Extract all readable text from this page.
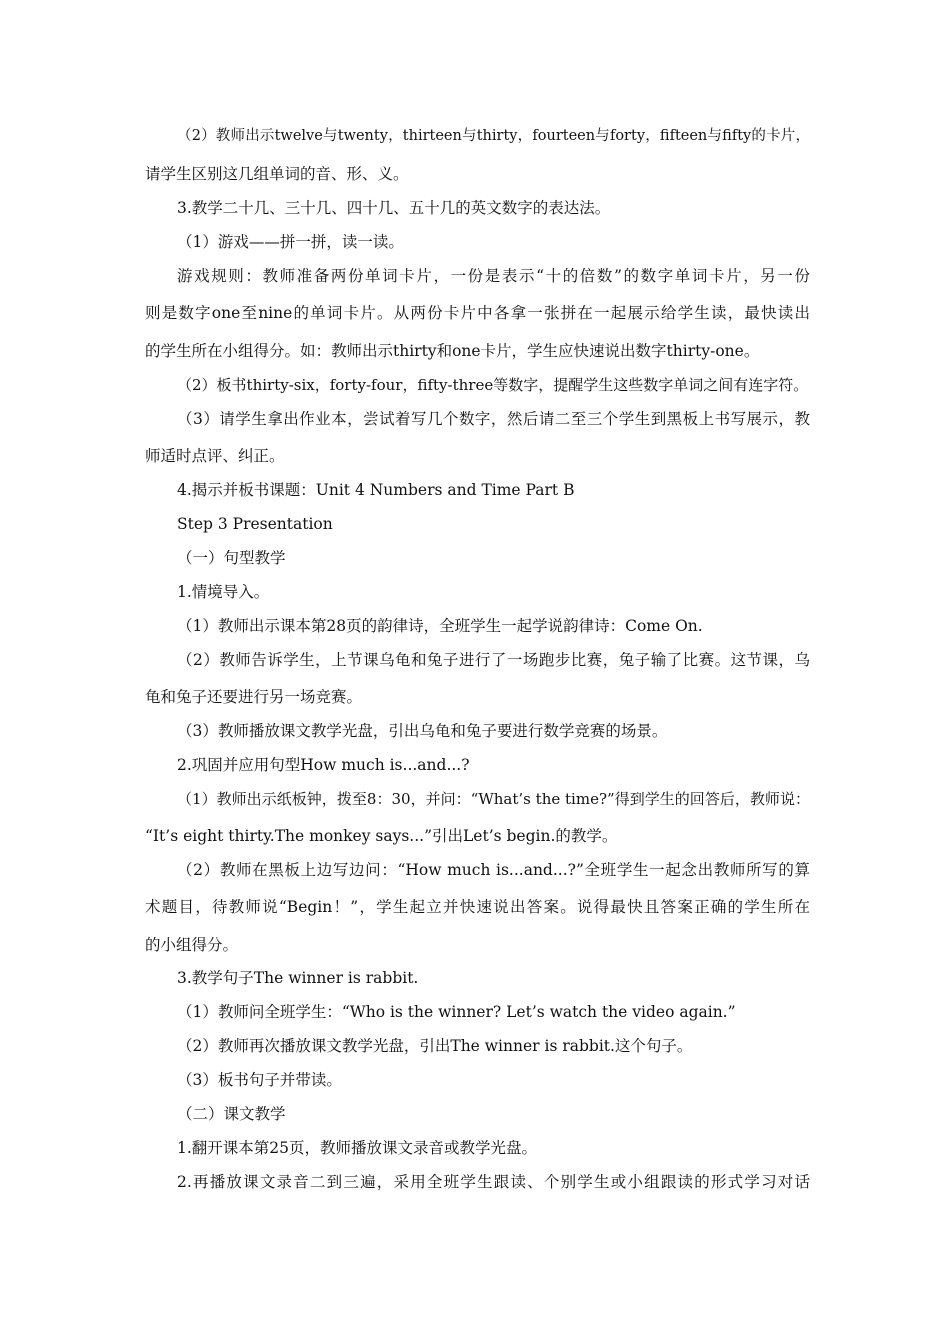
（2）教师出示twelve与twenty，thirteen与thirty，fourteen与forty，fifteen与fifty的卡片，
请学生区别这几组单词的音、形、义。
3.教学二十几、三十几、四十几、五十几的英文数字的表达法。
（1）游戏——拼一拼，读一读。
游戏规则：教师准备两份单词卡片，一份是表示“十的倍数”的数字单词卡片，另一份
则是数字one至nine的单词卡片。从两份卡片中各拿一张拼在一起展示给学生读，最快读出
的学生所在小组得分。如：教师出示thirty和one卡片，学生应快速说出数字thirty-one。
（2）板书thirty-six，forty-four，fifty-three等数字，提醒学生这些数字单词之间有连字符。
（3）请学生拿出作业本，尝试着写几个数字，然后请二至三个学生到黑板上书写展示，教
师适时点评、纠正。
4.揭示并板书课题：Unit 4 Numbers and Time Part B
Step 3 Presentation
（一）句型教学
1.情境导入。
（1）教师出示课本第28页的韵律诗，全班学生一起学说韵律诗：Come On.
（2）教师告诉学生，上节课乌龟和兔子进行了一场跑步比赛，兔子输了比赛。这节课，乌
龟和兔子还要进行另一场竞赛。
（3）教师播放课文教学光盘，引出乌龟和兔子要进行数学竞赛的场景。
2.巩固并应用句型How much is...and...?
（1）教师出示纸板钟，拨至8：30，并问：“What’s the time?”得到学生的回答后，教师说：
“It’s eight thirty.The monkey says...”引出Let’s begin.的教学。
（2）教师在黑板上边写边问：“How much is...and...?”全班学生一起念出教师所写的算
术题目，待教师说“Begin！”，学生起立并快速说出答案。说得最快且答案正确的学生所在
的小组得分。
3.教学句子The winner is rabbit.
（1）教师问全班学生：“Who is the winner? Let’s watch the video again.”
（2）教师再次播放课文教学光盘，引出The winner is rabbit.这个句子。
（3）板书句子并带读。
（二）课文教学
1.翻开课本第25页，教师播放课文录音或教学光盘。
2.再播放课文录音二到三遍，采用全班学生跟读、个别学生或小组跟读的形式学习对话
